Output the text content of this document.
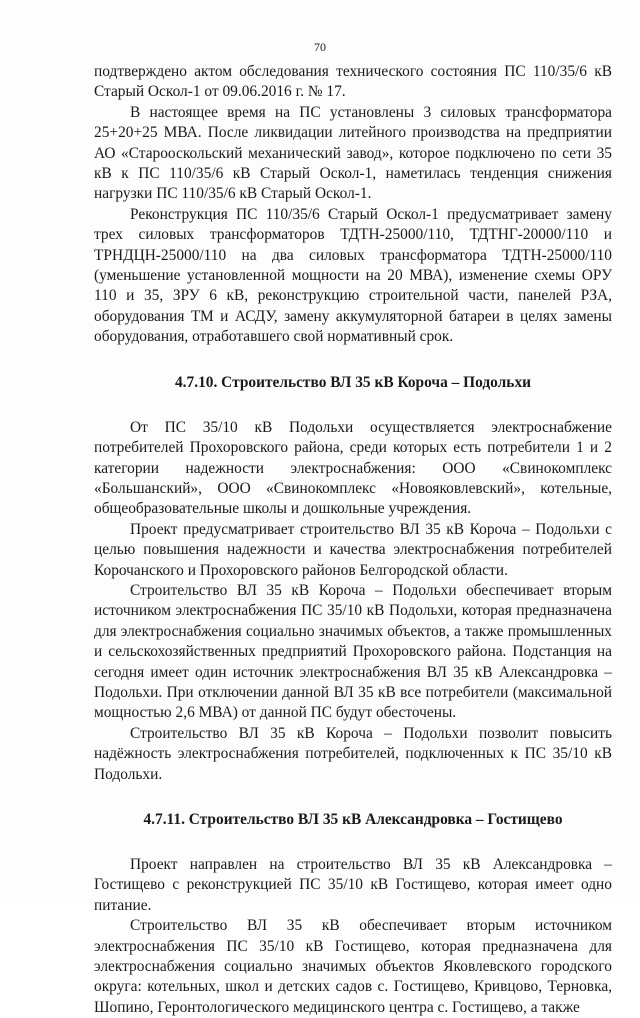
70

подтверждено актом обследования технического состояния ПС 110/35/6 кВ Старый Оскол-1 от 09.06.2016 г. № 17.

В настоящее время на ПС установлены 3 силовых трансформатора 25+20+25 МВА. После ликвидации литейного производства на предприятии АО «Старооскольский механический завод», которое подключено по сети 35 кВ к ПС 110/35/6 кВ Старый Оскол-1, наметилась тенденция снижения нагрузки ПС 110/35/6 кВ Старый Оскол-1.

Реконструкция ПС 110/35/6 Старый Оскол-1 предусматривает замену трех силовых трансформаторов ТДТН-25000/110, ТДТНГ-20000/110 и ТРНДЦН-25000/110 на два силовых трансформатора ТДТН-25000/110 (уменьшение установленной мощности на 20 МВА), изменение схемы ОРУ 110 и 35, ЗРУ 6 кВ, реконструкцию строительной части, панелей РЗА, оборудования ТМ и АСДУ, замену аккумуляторной батареи в целях замены оборудования, отработавшего свой нормативный срок.

4.7.10. Строительство ВЛ 35 кВ Короча – Подольхи

От ПС 35/10 кВ Подольхи осуществляется электроснабжение потребителей Прохоровского района, среди которых есть потребители 1 и 2 категории надежности электроснабжения: ООО «Свинокомплекс «Большанский», ООО «Свинокомплекс «Новояковлевский», котельные, общеобразовательные школы и дошкольные учреждения.

Проект предусматривает строительство ВЛ 35 кВ Короча – Подольхи с целью повышения надежности и качества электроснабжения потребителей Корочанского и Прохоровского районов Белгородской области.

Строительство ВЛ 35 кВ Короча – Подольхи обеспечивает вторым источником электроснабжения ПС 35/10 кВ Подольхи, которая предназначена для электроснабжения социально значимых объектов, а также промышленных и сельскохозяйственных предприятий Прохоровского района. Подстанция на сегодня имеет один источник электроснабжения ВЛ 35 кВ Александровка – Подольхи. При отключении данной ВЛ 35 кВ все потребители (максимальной мощностью 2,6 МВА) от данной ПС будут обесточены.

Строительство ВЛ 35 кВ Короча – Подольхи позволит повысить надёжность электроснабжения потребителей, подключенных к ПС 35/10 кВ Подольхи.

4.7.11. Строительство ВЛ 35 кВ Александровка – Гостищево

Проект направлен на строительство ВЛ 35 кВ Александровка – Гостищево с реконструкцией ПС 35/10 кВ Гостищево, которая имеет одно питание.

Строительство ВЛ 35 кВ обеспечивает вторым источником электроснабжения ПС 35/10 кВ Гостищево, которая предназначена для электроснабжения социально значимых объектов Яковлевского городского округа: котельных, школ и детских садов с. Гостищево, Кривцово, Терновка, Шопино, Геронтологического медицинского центра с. Гостищево, а также
